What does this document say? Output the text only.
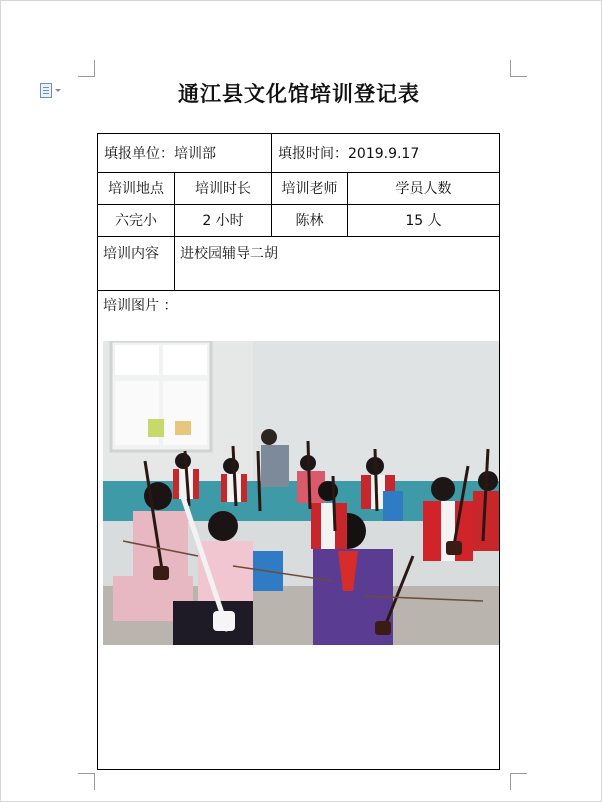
通江县文化馆培训登记表
填报单位：培训部	填报时间：2019.9.17
培训地点	培训时长	培训老师	学员人数
六完小	2 小时	陈林	15 人
培训内容	进校园辅导二胡
培训图片 ：
